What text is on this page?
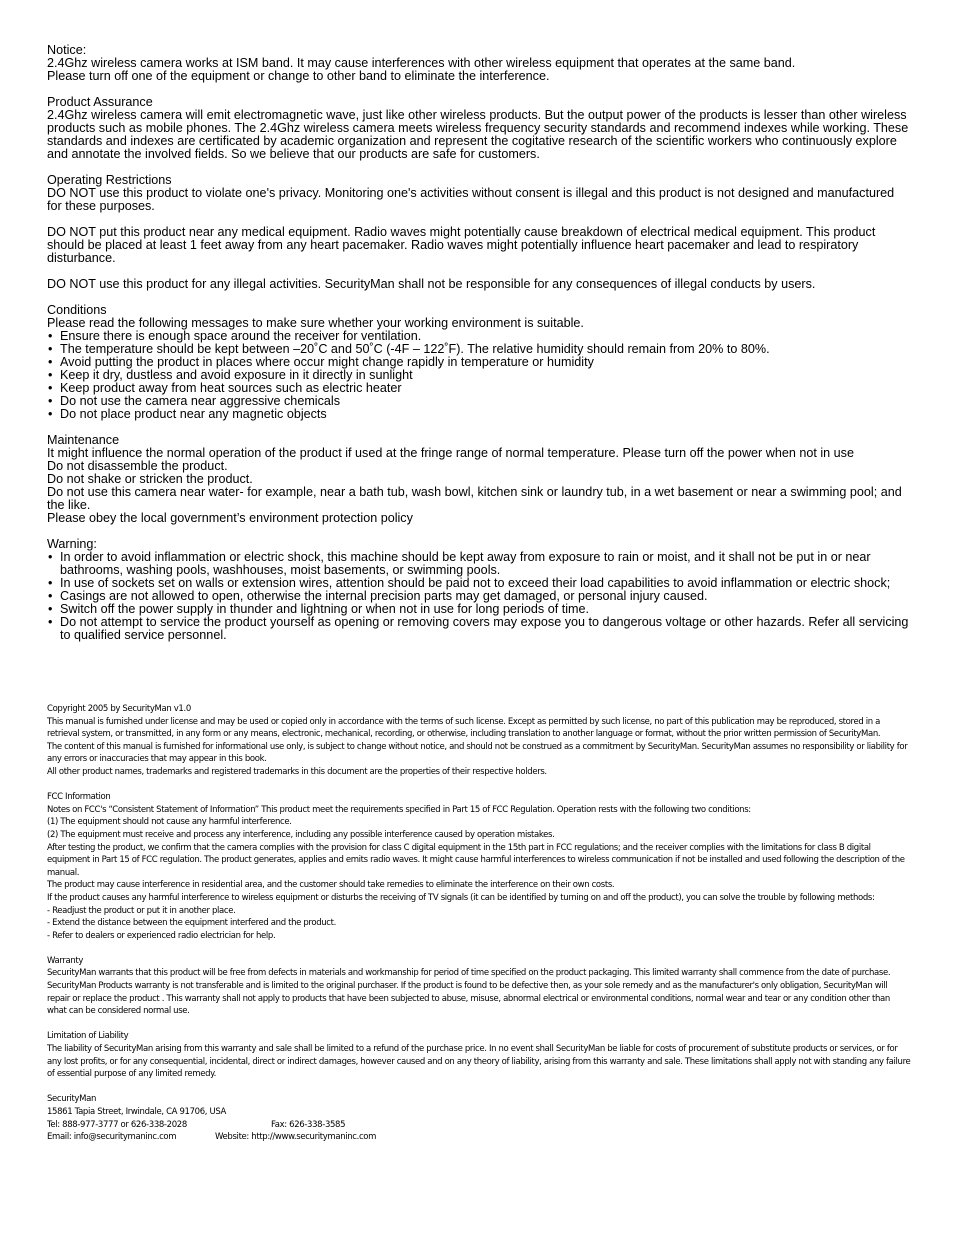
Notice:

2.4Ghz wireless camera works at ISM band. It may cause interferences with other wireless equipment that operates at the same band.

Please turn off one of the equipment or change to other band to eliminate the interference.

Product Assurance

2.4Ghz wireless camera will emit electromagnetic wave, just like other wireless products. But the output power of the products is lesser than other wireless products such as mobile phones. The 2.4Ghz wireless camera meets wireless frequency security standards and recommend indexes while working. These standards and indexes are certificated by academic organization and represent the cogitative research of the scientific workers who continuously explore and annotate the involved fields. So we believe that our products are safe for customers.

Operating Restrictions

DO NOT use this product to violate one's privacy. Monitoring one's activities without consent is illegal and this product is not designed and manufactured for these purposes.

DO NOT put this product near any medical equipment. Radio waves might potentially cause breakdown of electrical medical equipment. This product should be placed at least 1 feet away from any heart pacemaker. Radio waves might potentially influence heart pacemaker and lead to respiratory disturbance.

DO NOT use this product for any illegal activities. SecurityMan shall not be responsible for any consequences of illegal conducts by users.

Conditions

Please read the following messages to make sure whether your working environment is suitable.

• Ensure there is enough space around the receiver for ventilation.
• The temperature should be kept between –20˚C and 50˚C (-4F – 122˚F). The relative humidity should remain from 20% to 80%.
• Avoid putting the product in places where occur might change rapidly in temperature or humidity
• Keep it dry, dustless and avoid exposure in it directly in sunlight
• Keep product away from heat sources such as electric heater
• Do not use the camera near aggressive chemicals
• Do not place product near any magnetic objects

Maintenance

It might influence the normal operation of the product if used at the fringe range of normal temperature. Please turn off the power when not in use

Do not disassemble the product.

Do not shake or stricken the product.

Do not use this camera near water- for example, near a bath tub, wash bowl, kitchen sink or laundry tub, in a wet basement or near a swimming pool; and the like.

Please obey the local government’s environment protection policy

Warning:

• In order to avoid inflammation or electric shock, this machine should be kept away from exposure to rain or moist, and it shall not be put in or near bathrooms, washing pools, washhouses, moist basements, or swimming pools.
• In use of sockets set on walls or extension wires, attention should be paid not to exceed their load capabilities to avoid inflammation or electric shock;
• Casings are not allowed to open, otherwise the internal precision parts may get damaged, or personal injury caused.
• Switch off the power supply in thunder and lightning or when not in use for long periods of time.
• Do not attempt to service the product yourself as opening or removing covers may expose you to dangerous voltage or other hazards. Refer all servicing to qualified service personnel.

Copyright 2005 by SecurityMan v1.0

This manual is furnished under license and may be used or copied only in accordance with the terms of such license. Except as permitted by such license, no part of this publication may be reproduced, stored in a retrieval system, or transmitted, in any form or any means, electronic, mechanical, recording, or otherwise, including translation to another language or format, without the prior written permission of SecurityMan.

The content of this manual is furnished for informational use only, is subject to change without notice, and should not be construed as a commitment by SecurityMan. SecurityMan assumes no responsibility or liability for any errors or inaccuracies that may appear in this book.

All other product names, trademarks and registered trademarks in this document are the properties of their respective holders.

FCC Information

Notes on FCC's “Consistent Statement of Information” This product meet the requirements specified in Part 15 of FCC Regulation. Operation rests with the following two conditions:

(1) The equipment should not cause any harmful interference.

(2) The equipment must receive and process any interference, including any possible interference caused by operation mistakes.

After testing the product, we confirm that the camera complies with the provision for class C digital equipment in the 15th part in FCC regulations; and the receiver complies with the limitations for class B digital equipment in Part 15 of FCC regulation. The product generates, applies and emits radio waves. It might cause harmful interferences to wireless communication if not be installed and used following the description of the manual.

The product may cause interference in residential area, and the customer should take remedies to eliminate the interference on their own costs.

If the product causes any harmful interference to wireless equipment or disturbs the receiving of TV signals (it can be identified by turning on and off the product), you can solve the trouble by following methods:

- Readjust the product or put it in another place.

- Extend the distance between the equipment interfered and the product.

- Refer to dealers or experienced radio electrician for help.

Warranty

SecurityMan warrants that this product will be free from defects in materials and workmanship for period of time specified on the product packaging. This limited warranty shall commence from the date of purchase. SecurityMan Products warranty is not transferable and is limited to the original purchaser. If the product is found to be defective then, as your sole remedy and as the manufacturer's only obligation, SecurityMan will repair or replace the product . This warranty shall not apply to products that have been subjected to abuse, misuse, abnormal electrical or environmental conditions, normal wear and tear or any condition other than what can be considered normal use.

Limitation of Liability

The liability of SecurityMan arising from this warranty and sale shall be limited to a refund of the purchase price. In no event shall SecurityMan be liable for costs of procurement of substitute products or services, or for any lost profits, or for any consequential, incidental, direct or indirect damages, however caused and on any theory of liability, arising from this warranty and sale. These limitations shall apply not with standing any failure of essential purpose of any limited remedy.

SecurityMan

15861 Tapia Street, Irwindale, CA 91706, USA

Tel: 888-977-3777 or 626-338-2028	Fax: 626-338-3585

Email: info@securitymaninc.com	Website: http://www.securitymaninc.com
